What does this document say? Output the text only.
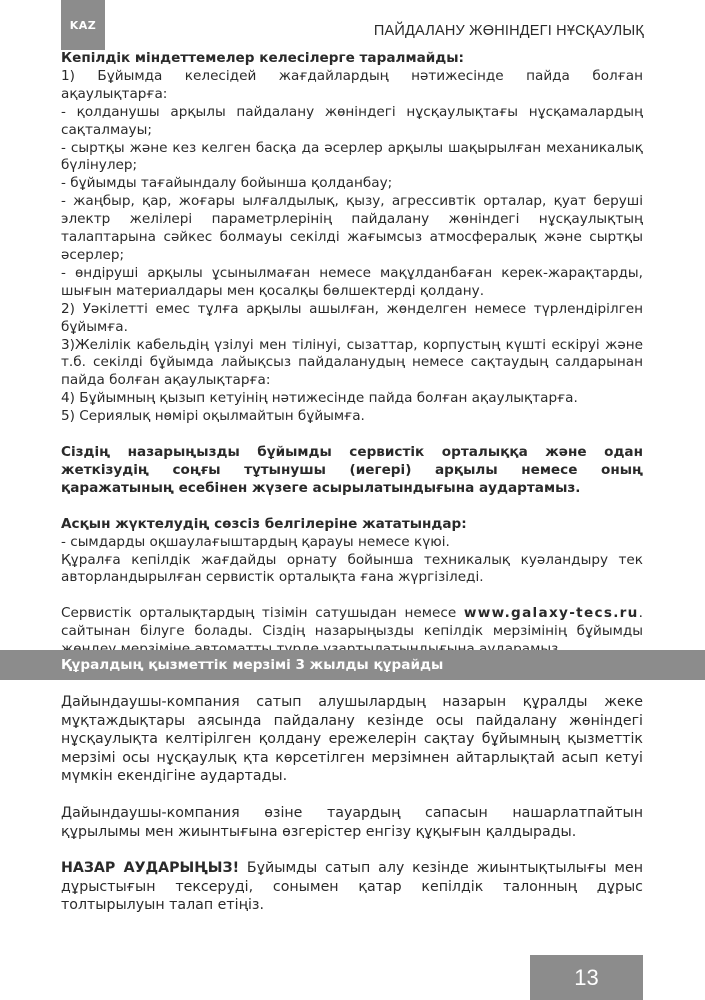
KAZ	ПАЙДАЛАНУ ЖӨНІНДЕГІ НҰСҚАУЛЫҚ

Кепілдік міндеттемелер келесілерге таралмайды:

1) Бұйымда келесідей жағдайлардың нәтижесінде пайда болған ақаулықтарға:

- қолданушы арқылы пайдалану жөніндегі нұсқаулықтағы нұсқамалардың сақталмауы;

- сыртқы және кез келген басқа да әсерлер арқылы шақырылған механикалық бүлінулер;

- бұйымды тағайындалу бойынша қолданбау;

- жаңбыр, қар, жоғары ылғалдылық, қызу, агрессивтік орталар, қуат беруші электр желілері параметрлерінің пайдалану жөніндегі нұсқаулықтың талаптарына сәйкес болмауы секілді жағымсыз атмосфералық және сыртқы әсерлер;

- өндіруші арқылы ұсынылмаған немесе мақұлданбаған керек-жарақтарды, шығын материалдары мен қосалқы бөлшектерді қолдану.

2) Уәкілетті емес тұлға арқылы ашылған, жөнделген немесе түрлендірілген бұйымға.

3)Желілік кабельдің үзілуі мен тілінуі, сызаттар, корпустың күшті ескіруі және т.б. секілді бұйымда лайықсыз пайдаланудың немесе сақтаудың салдарынан пайда болған ақаулықтарға:

4) Бұйымның қызып кетуінің нәтижесінде пайда болған ақаулықтарға.

5) Сериялық нөмірі оқылмайтын бұйымға.

Сіздің назарыңызды бұйымды сервистік орталыққа және одан жеткізудің соңғы тұтынушы (иегері) арқылы немесе оның қаражатының есебінен жүзеге асырылатындығына аудартамыз.

Асқын жүктелудің сөзсіз белгілеріне жататындар:

- сымдарды оқшаулағыштардың қарауы немесе күюі.

Құралға кепілдік жағдайды орнату бойынша техникалық куәландыру тек авторландырылған сервистік орталықта ғана жүргізіледі.

Сервистік орталықтардың тізімін сатушыдан немесе www.galaxy-tecs.ru. сайтынан білуге болады. Сіздің назарыңызды кепілдік мерзімінің бұйымды

Құралдың қызметтік мерзімі 3 жылды құрайды

Дайындаушы-компания сатып алушылардың назарын құралды жеке мұқтаждықтары аясында пайдалану кезінде осы пайдалану жөніндегі нұсқаулықта келтірілген қолдану ережелерін сақтау бұйымның қызметтік мерзімі осы нұсқаулық қта көрсетілген мерзімнен айтарлықтай асып кетуі мүмкін екендігіне аудартады.

Дайындаушы-компания өзіне тауардың сапасын нашарлатпайтын құрылымы мен жиынтығына өзгерістер енгізу құқығын қалдырады.

НАЗАР АУДАРЫҢЫЗ! Бұйымды сатып алу кезінде жиынтықтылығы мен дұрыстығын тексеруді, сонымен қатар кепілдік талонның дұрыс толтырылуын талап етіңіз.

13
